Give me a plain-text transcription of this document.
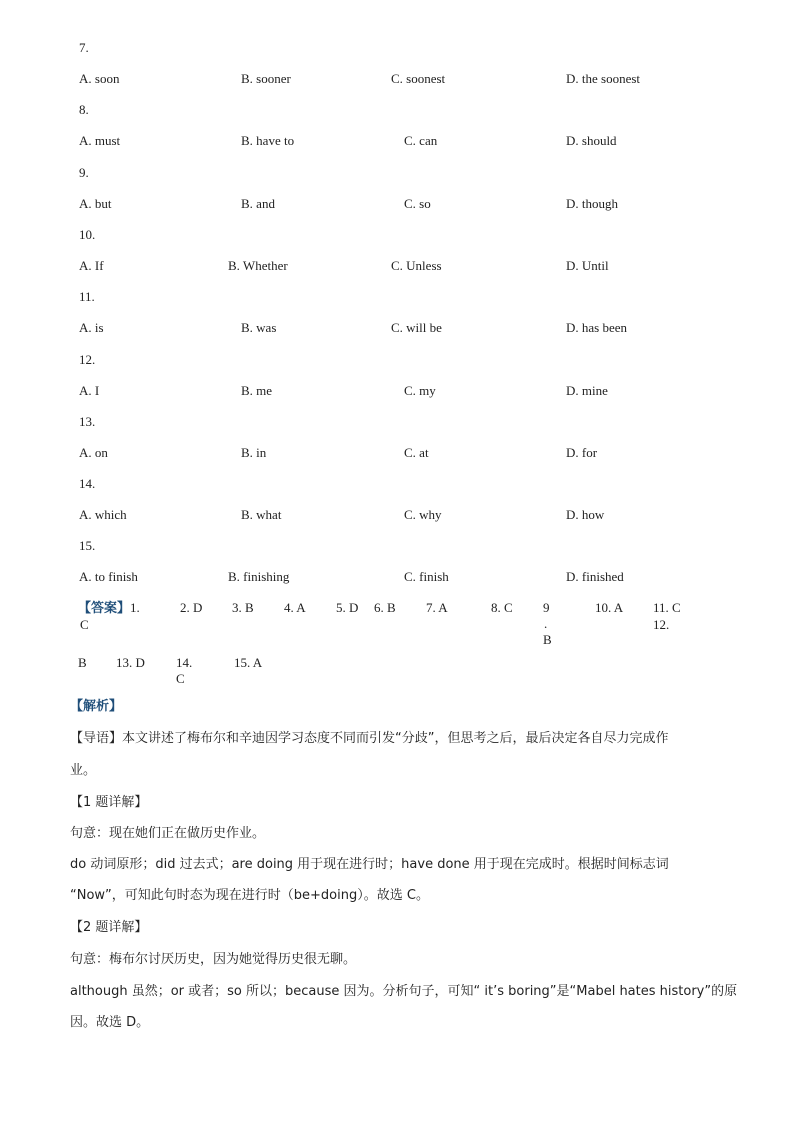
7.
A. soon	B. sooner	C. soonest	D. the soonest
8.
A. must	B. have to	C. can	D. should
9.
A. but	B. and	C. so	D. though
10.
A. If	B. Whether	C. Unless	D. Until
11.
A. is	B. was	C. will be	D. has been
12.
A. I	B. me	C. my	D. mine
13.
A. on	B. in	C. at	D. for
14.
A. which	B. what	C. why	D. how
15.
A. to finish	B. finishing	C. finish	D. finished
【答案】 1.
C
2. D 3. B 4. A 5. D 6. B 7. A	8. C 9
.
B
10. A 11. C
12.
B 13. D 14.
C
15. A
【解析】
【导语】本文讲述了梅布尔和辛迪因学习态度不同而引发“分歧”，但思考之后，最后决定各自尽力完成作
业。
【1 题详解】
句意：现在她们正在做历史作业。
do 动词原形；did 过去式；are doing 用于现在进行时；have done 用于现在完成时。根据时间标志词
“Now”，可知此句时态为现在进行时（be+doing）。故选 C。
【2 题详解】
句意：梅布尔讨厌历史，因为她觉得历史很无聊。
although 虽然；or 或者；so 所以；because 因为。分析句子，可知“ it’s boring”是“Mabel hates history”的原
因。故选 D。
